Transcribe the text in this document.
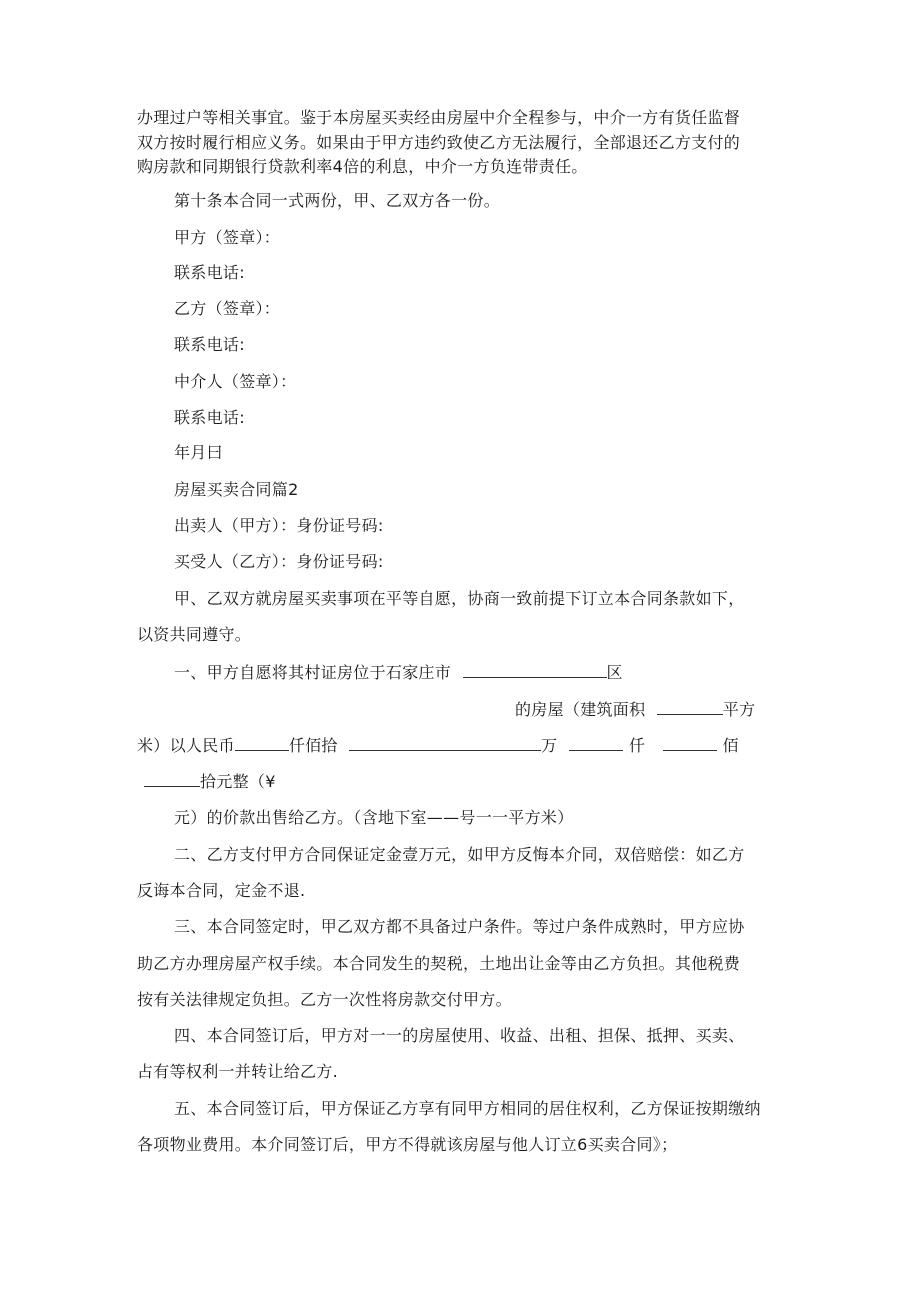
办理过户等相关事宜。鉴于本房屋买卖经由房屋中介全程参与，中介一方有货任监督
双方按时履行相应义务。如果由于甲方违约致使乙方无法履行，全部退还乙方支付的
购房款和同期银行贷款利率4倍的利息，中介一方负连带责任。
第十条本合同一式两份，甲、乙双方各一份。
甲方（签章）：
联系电话:
乙方（签章）：
联系电话:
中介人（签章）：
联系电话:
年月曰
房屋买卖合同篇2
出卖人（甲方）：身份证号码:
买受人（乙方）：身份证号码:
甲、乙双方就房屋买卖事项在平等自愿，协商一致前提下订立本合同条款如下，
以资共同遵守。
一、甲方自愿将其村证房位于石家庄市	区
的房屋（建筑面积	平方
米）以人民币	仟佰拾	万	仟	佰
拾元整（¥
元）的价款出售给乙方。（含地下室——号一一平方米）
二、乙方支付甲方合同保证定金壹万元，如甲方反悔本介同，双倍赔偿：如乙方
反诲本合同，定金不退.
三、本合同签定时，甲乙双方都不具备过户条件。等过户条件成熟时，甲方应协
助乙方办理房屋产权手续。本合同发生的契税，土地出让金等由乙方负担。其他税费
按有关法律规定负担。乙方一次性将房款交付甲方。
四、本合同签订后，甲方对一一的房屋使用、收益、出租、担保、抵押、买卖、
占有等权利一并转让给乙方.
五、本合同签订后，甲方保证乙方享有同甲方相同的居住权利，乙方保证按期缴纳
各项物业费用。本介同签订后，甲方不得就该房屋与他人订立6买卖合同》；
